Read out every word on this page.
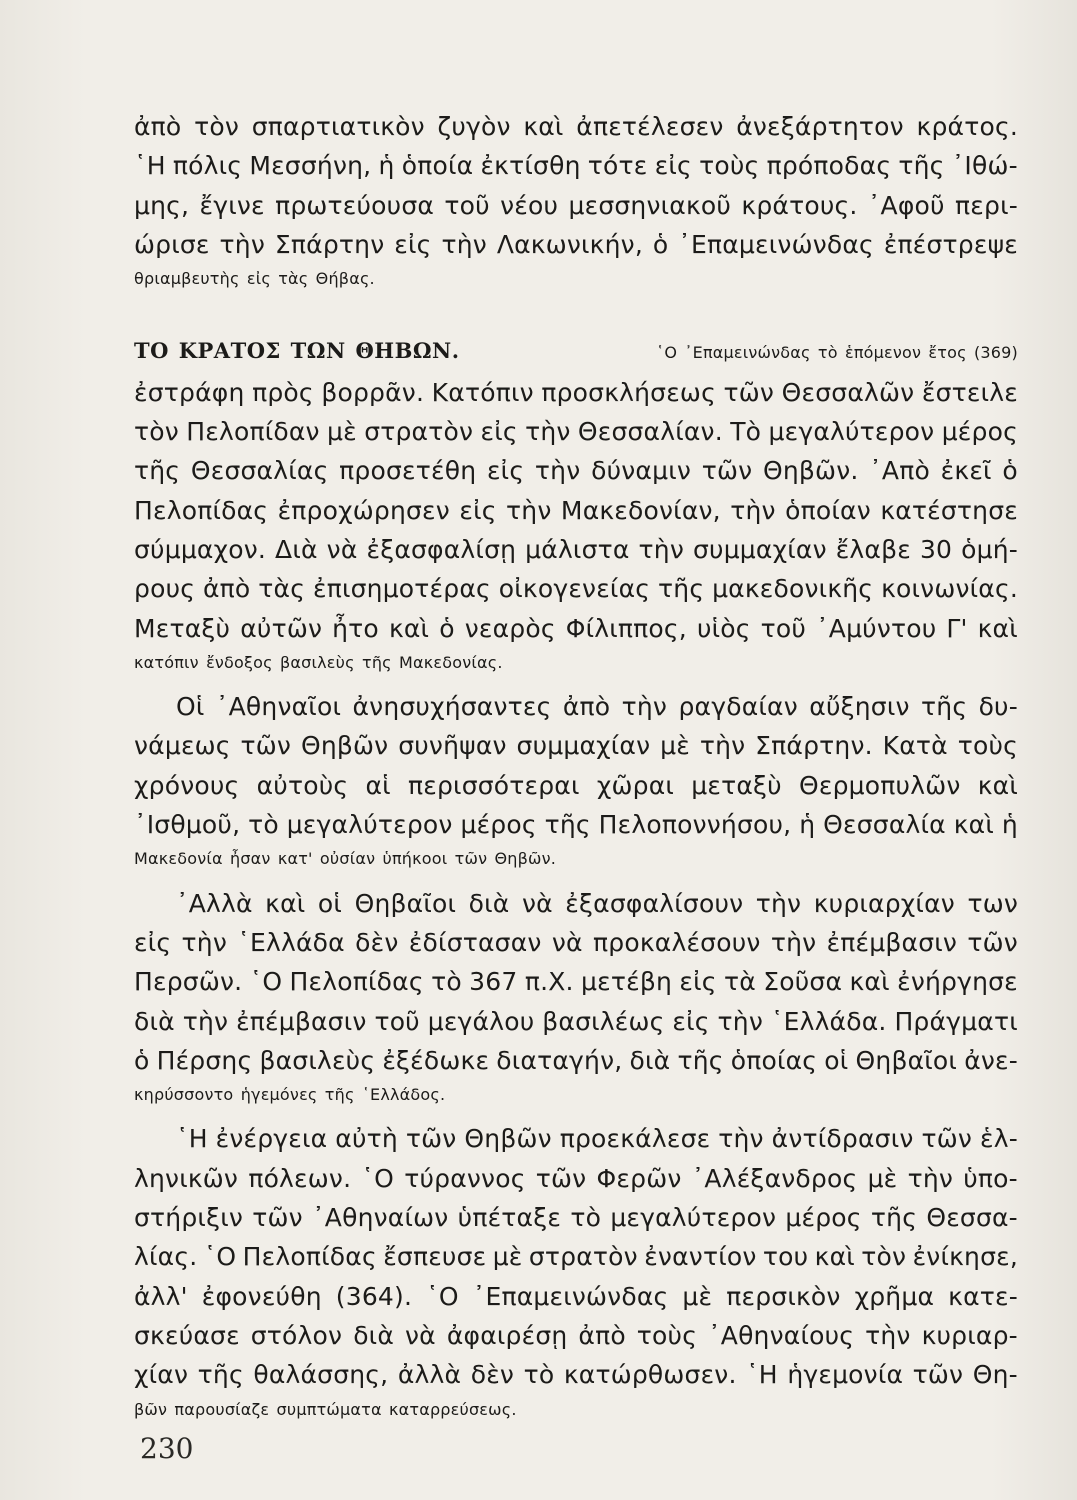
ἀπὸ τὸν σπαρτιατικὸν ζυγὸν καὶ ἀπετέλεσεν ἀνεξάρτητον κράτος.
῾Η πόλις Μεσσήνη, ἡ ὁποία ἐκτίσθη τότε εἰς τοὺς πρόποδας τῆς ᾿Ιθώ-
μης, ἔγινε πρωτεύουσα τοῦ νέου μεσσηνιακοῦ κράτους. ᾿Αφοῦ περι-
ώρισε τὴν Σπάρτην εἰς τὴν Λακωνικήν, ὁ ᾿Επαμεινώνδας ἐπέστρεψε
θριαμβευτὴς εἰς τὰς Θήβας.
ΤΟ ΚΡΑΤΟΣ ΤΩΝ ΘΗΒΩΝ.	῾Ο ᾿Επαμεινώνδας τὸ ἑπόμενον ἔτος (369)
ἐστράφη πρὸς βορρᾶν. Κατόπιν προσκλήσεως τῶν Θεσσαλῶν ἔστειλε
τὸν Πελοπίδαν μὲ στρατὸν εἰς τὴν Θεσσαλίαν. Τὸ μεγαλύτερον μέρος
τῆς Θεσσαλίας προσετέθη εἰς τὴν δύναμιν τῶν Θηβῶν. ᾿Απὸ ἐκεῖ ὁ
Πελοπίδας ἐπροχώρησεν εἰς τὴν Μακεδονίαν, τὴν ὁποίαν κατέστησε
σύμμαχον. Διὰ νὰ ἐξασφαλίσῃ μάλιστα τὴν συμμαχίαν ἔλαβε 30 ὁμή-
ρους ἀπὸ τὰς ἐπισημοτέρας οἰκογενείας τῆς μακεδονικῆς κοινωνίας.
Μεταξὺ αὐτῶν ἦτο καὶ ὁ νεαρὸς Φίλιππος, υἱὸς τοῦ ᾿Αμύντου Γ' καὶ
κατόπιν ἔνδοξος βασιλεὺς τῆς Μακεδονίας.
Οἱ ᾿Αθηναῖοι ἀνησυχήσαντες ἀπὸ τὴν ραγδαίαν αὔξησιν τῆς δυ-
νάμεως τῶν Θηβῶν συνῆψαν συμμαχίαν μὲ τὴν Σπάρτην. Κατὰ τοὺς
χρόνους αὐτοὺς αἱ περισσότεραι χῶραι μεταξὺ Θερμοπυλῶν καὶ
᾿Ισθμοῦ, τὸ μεγαλύτερον μέρος τῆς Πελοποννήσου, ἡ Θεσσαλία καὶ ἡ
Μακεδονία ἦσαν κατ' οὐσίαν ὑπήκοοι τῶν Θηβῶν.
᾿Αλλὰ καὶ οἱ Θηβαῖοι διὰ νὰ ἐξασφαλίσουν τὴν κυριαρχίαν των
εἰς τὴν ῾Ελλάδα δὲν ἐδίστασαν νὰ προκαλέσουν τὴν ἐπέμβασιν τῶν
Περσῶν. ῾Ο Πελοπίδας τὸ 367 π.Χ. μετέβη εἰς τὰ Σοῦσα καὶ ἐνήργησε
διὰ τὴν ἐπέμβασιν τοῦ μεγάλου βασιλέως εἰς τὴν ῾Ελλάδα. Πράγματι
ὁ Πέρσης βασιλεὺς ἐξέδωκε διαταγήν, διὰ τῆς ὁποίας οἱ Θηβαῖοι ἀνε-
κηρύσσοντο ἡγεμόνες τῆς ῾Ελλάδος.
῾Η ἐνέργεια αὐτὴ τῶν Θηβῶν προεκάλεσε τὴν ἀντίδρασιν τῶν ἑλ-
ληνικῶν πόλεων. ῾Ο τύραννος τῶν Φερῶν ᾿Αλέξανδρος μὲ τὴν ὑπο-
στήριξιν τῶν ᾿Αθηναίων ὑπέταξε τὸ μεγαλύτερον μέρος τῆς Θεσσα-
λίας. ῾Ο Πελοπίδας ἔσπευσε μὲ στρατὸν ἐναντίον του καὶ τὸν ἐνίκησε,
ἀλλ' ἐφονεύθη (364). ῾Ο ᾿Επαμεινώνδας μὲ περσικὸν χρῆμα κατε-
σκεύασε στόλον διὰ νὰ ἀφαιρέσῃ ἀπὸ τοὺς ᾿Αθηναίους τὴν κυριαρ-
χίαν τῆς θαλάσσης, ἀλλὰ δὲν τὸ κατώρθωσεν. ῾Η ἡγεμονία τῶν Θη-
βῶν παρουσίαζε συμπτώματα καταρρεύσεως.
230
